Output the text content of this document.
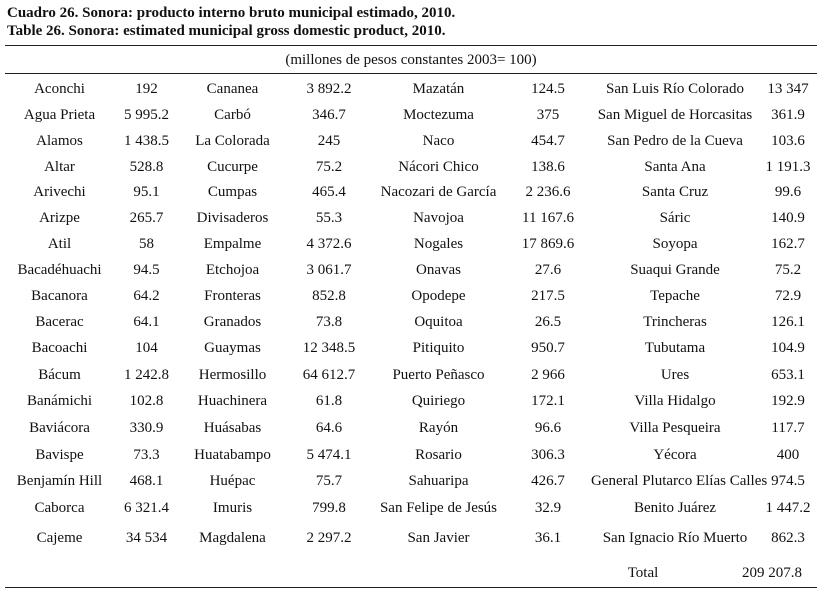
Cuadro 26. Sonora: producto interno bruto municipal estimado, 2010.
Table 26. Sonora: estimated municipal gross domestic product, 2010.
(millones de pesos constantes 2003= 100)
Aconchi	192	Cananea	3 892.2	Mazatán	124.5	San Luis Río Colorado	13 347
Agua Prieta	5 995.2	Carbó	346.7	Moctezuma	375	San Miguel de Horcasitas	361.9
Alamos	1 438.5	La Colorada	245	Naco	454.7	San Pedro de la Cueva	103.6
Altar	528.8	Cucurpe	75.2	Nácori Chico	138.6	Santa Ana	1 191.3
Arivechi	95.1	Cumpas	465.4	Nacozari de García	2 236.6	Santa Cruz	99.6
Arizpe	265.7	Divisaderos	55.3	Navojoa	11 167.6	Sáric	140.9
Atil	58	Empalme	4 372.6	Nogales	17 869.6	Soyopa	162.7
Bacadéhuachi	94.5	Etchojoa	3 061.7	Onavas	27.6	Suaqui Grande	75.2
Bacanora	64.2	Fronteras	852.8	Opodepe	217.5	Tepache	72.9
Bacerac	64.1	Granados	73.8	Oquitoa	26.5	Trincheras	126.1
Bacoachi	104	Guaymas	12 348.5	Pitiquito	950.7	Tubutama	104.9
Bácum	1 242.8	Hermosillo	64 612.7	Puerto Peñasco	2 966	Ures	653.1
Banámichi	102.8	Huachinera	61.8	Quiriego	172.1	Villa Hidalgo	192.9
Baviácora	330.9	Huásabas	64.6	Rayón	96.6	Villa Pesqueira	117.7
Bavispe	73.3	Huatabampo	5 474.1	Rosario	306.3	Yécora	400
Benjamín Hill	468.1	Huépac	75.7	Sahuaripa	426.7	General Plutarco Elías Calles	974.5
Caborca	6 321.4	Imuris	799.8	San Felipe de Jesús	32.9	Benito Juárez	1 447.2
Cajeme	34 534	Magdalena	2 297.2	San Javier	36.1	San Ignacio Río Muerto	862.3
Total	209 207.8
